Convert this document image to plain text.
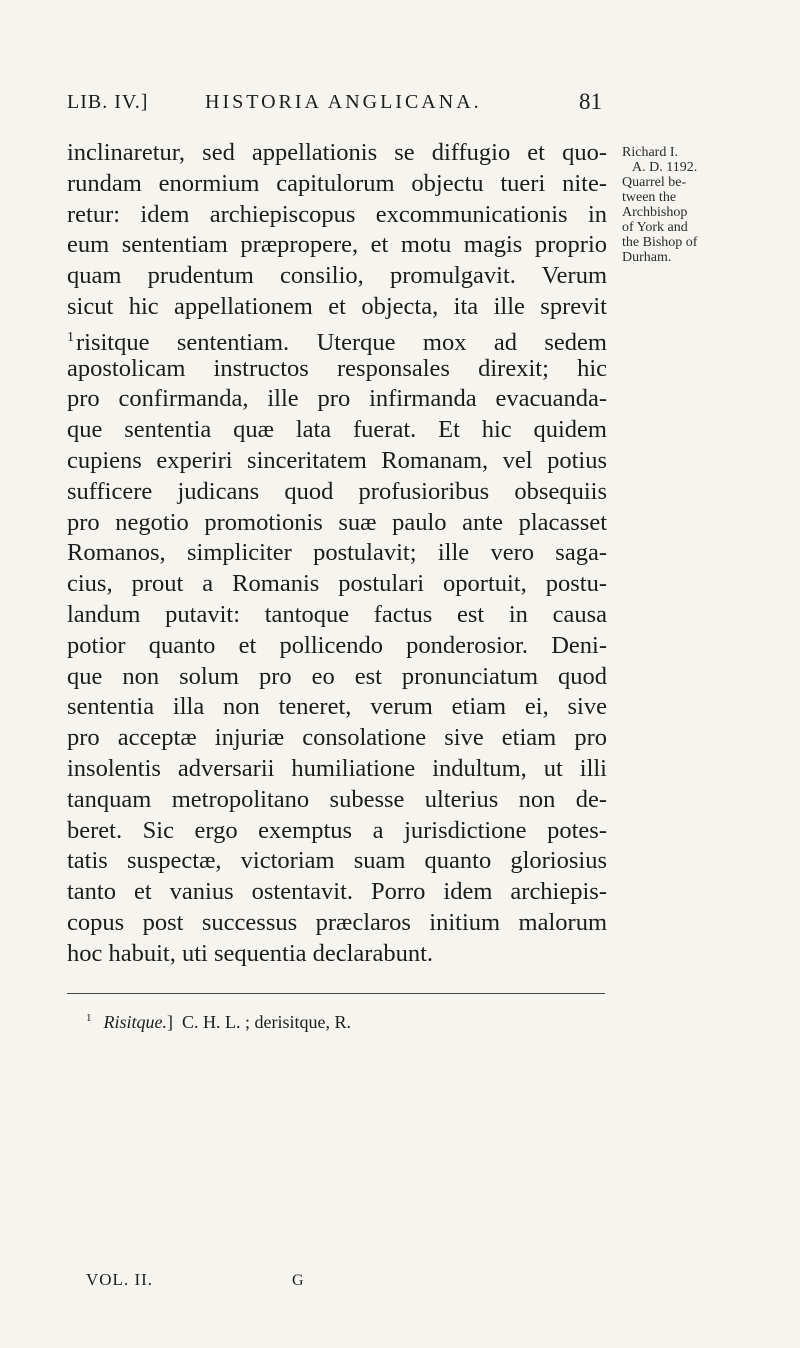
LIB. IV.]	HISTORIA ANGLICANA.	81
inclinaretur, sed appellationis se diffugio et quo-
rundam enormium capitulorum objectu tueri nite-
retur: idem archiepiscopus excommunicationis in
eum sententiam præpropere, et motu magis proprio
quam prudentum consilio, promulgavit. Verum
sicut hic appellationem et objecta, ita ille sprevit
$^1$risitque sententiam. Uterque mox ad sedem
apostolicam instructos responsales direxit; hic
pro confirmanda, ille pro infirmanda evacuanda-
que sententia quæ lata fuerat. Et hic quidem
cupiens experiri sinceritatem Romanam, vel potius
sufficere judicans quod profusioribus obsequiis
pro negotio promotionis suæ paulo ante placasset
Romanos, simpliciter postulavit; ille vero saga-
cius, prout a Romanis postulari oportuit, postu-
landum putavit: tantoque factus est in causa
potior quanto et pollicendo ponderosior. Deni-
que non solum pro eo est pronunciatum quod
sententia illa non teneret, verum etiam ei, sive
pro acceptæ injuriæ consolatione sive etiam pro
insolentis adversarii humiliatione indultum, ut illi
tanquam metropolitano subesse ulterius non de-
beret. Sic ergo exemptus a jurisdictione potes-
tatis suspectæ, victoriam suam quanto gloriosius
tanto et vanius ostentavit. Porro idem archiepis-
copus post successus præclaros initium malorum
hoc habuit, uti sequentia declarabunt.
Richard I.
A. D. 1192.
Quarrel be-
tween the
Archbishop
of York and
the Bishop of
Durham.
$^1$ Risitque.] C. H. L. ; derisitque, R.
VOL. II.	G
